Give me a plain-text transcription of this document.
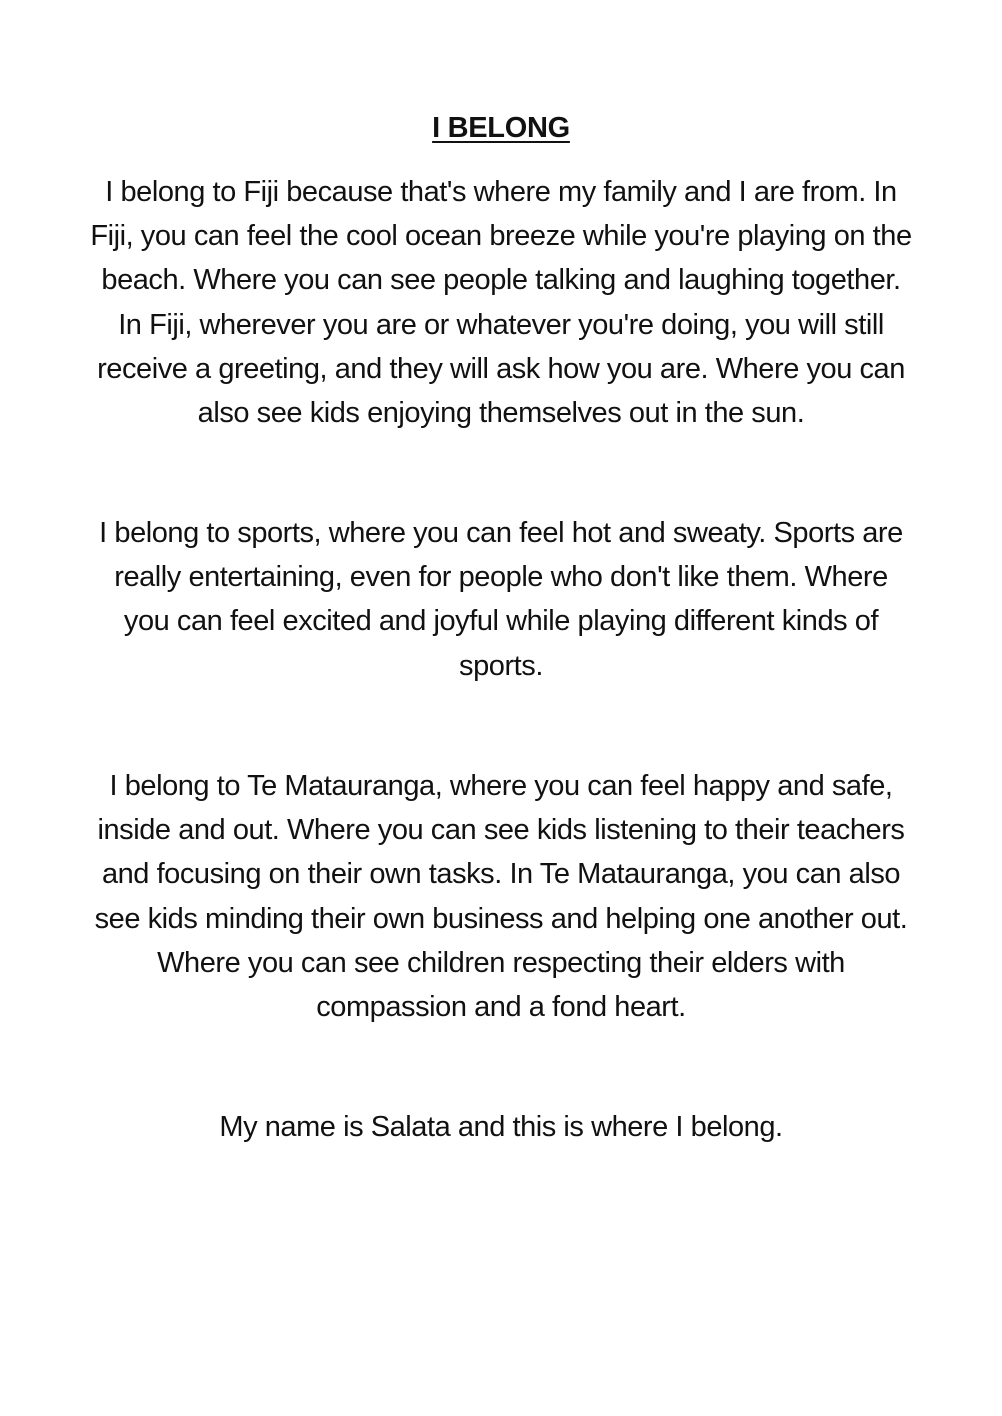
I BELONG

I belong to Fiji because that's where my family and I are from. In
Fiji, you can feel the cool ocean breeze while you're playing on the
beach. Where you can see people talking and laughing together.
In Fiji, wherever you are or whatever you're doing, you will still
receive a greeting, and they will ask how you are. Where you can
also see kids enjoying themselves out in the sun.

I belong to sports, where you can feel hot and sweaty. Sports are
really entertaining, even for people who don't like them. Where
you can feel excited and joyful while playing different kinds of
sports.

I belong to Te Matauranga, where you can feel happy and safe,
inside and out. Where you can see kids listening to their teachers
and focusing on their own tasks. In Te Matauranga, you can also
see kids minding their own business and helping one another out.
Where you can see children respecting their elders with
compassion and a fond heart.

My name is Salata and this is where I belong.
